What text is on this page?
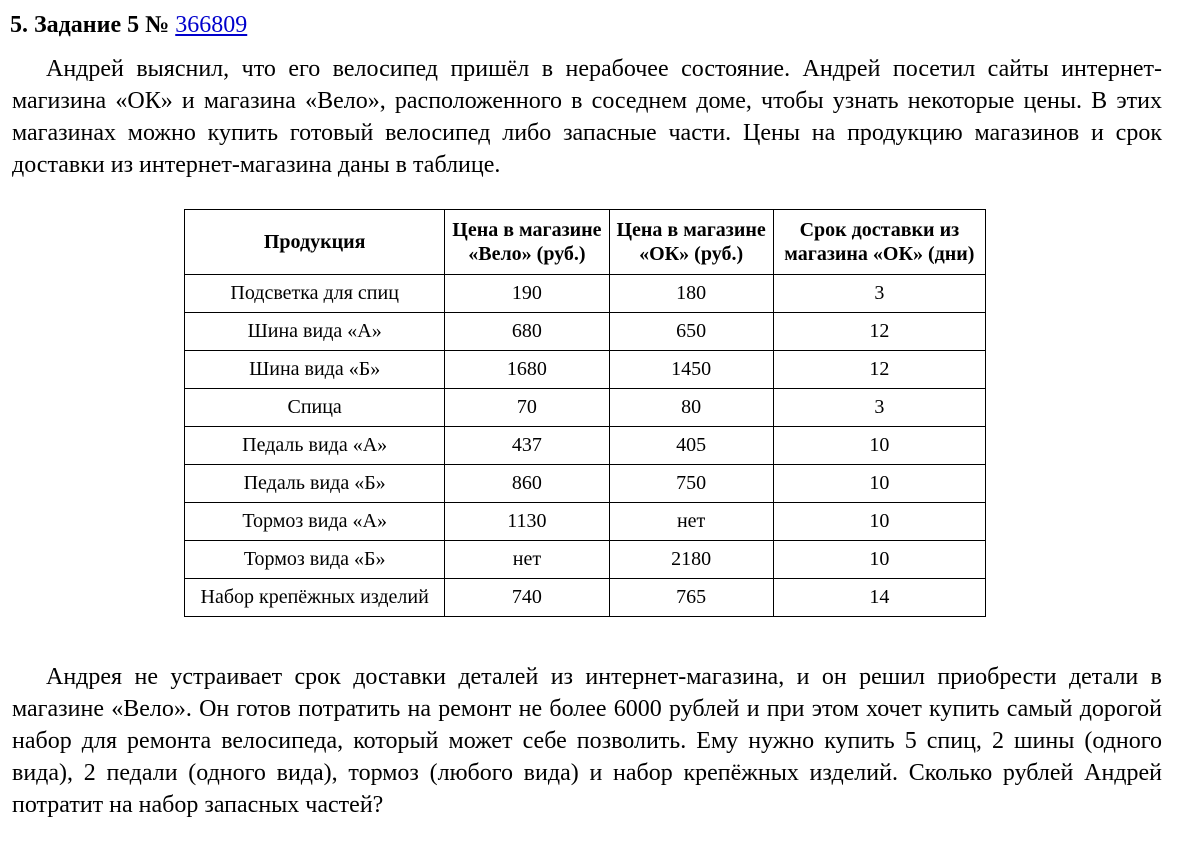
5. Задание 5 № 366809

Андрей выяснил, что его велосипед пришёл в нерабочее состояние. Андрей посетил сайты интернет-магизина «ОК» и магазина «Вело», расположенного в соседнем доме, чтобы узнать некоторые цены. В этих магазинах можно купить готовый велосипед либо запасные части. Цены на продукцию магазинов и срок доставки из интернет-магазина даны в таблице.

Продукция	Цена в магазине «Вело» (руб.)	Цена в магазине «ОК» (руб.)	Срок доставки из магазина «ОК» (дни)
Подсветка для спиц	190	180	3
Шина вида «А»	680	650	12
Шина вида «Б»	1680	1450	12
Спица	70	80	3
Педаль вида «А»	437	405	10
Педаль вида «Б»	860	750	10
Тормоз вида «А»	1130	нет	10
Тормоз вида «Б»	нет	2180	10
Набор крепёжных изделий	740	765	14

Андрея не устраивает срок доставки деталей из интернет-магазина, и он решил приобрести детали в магазине «Вело». Он готов потратить на ремонт не более 6000 рублей и при этом хочет купить самый дорогой набор для ремонта велосипеда, который может себе позволить. Ему нужно купить 5 спиц, 2 шины (одного вида), 2 педали (одного вида), тормоз (любого вида) и набор крепёжных изделий. Сколько рублей Андрей потратит на набор запасных частей?
